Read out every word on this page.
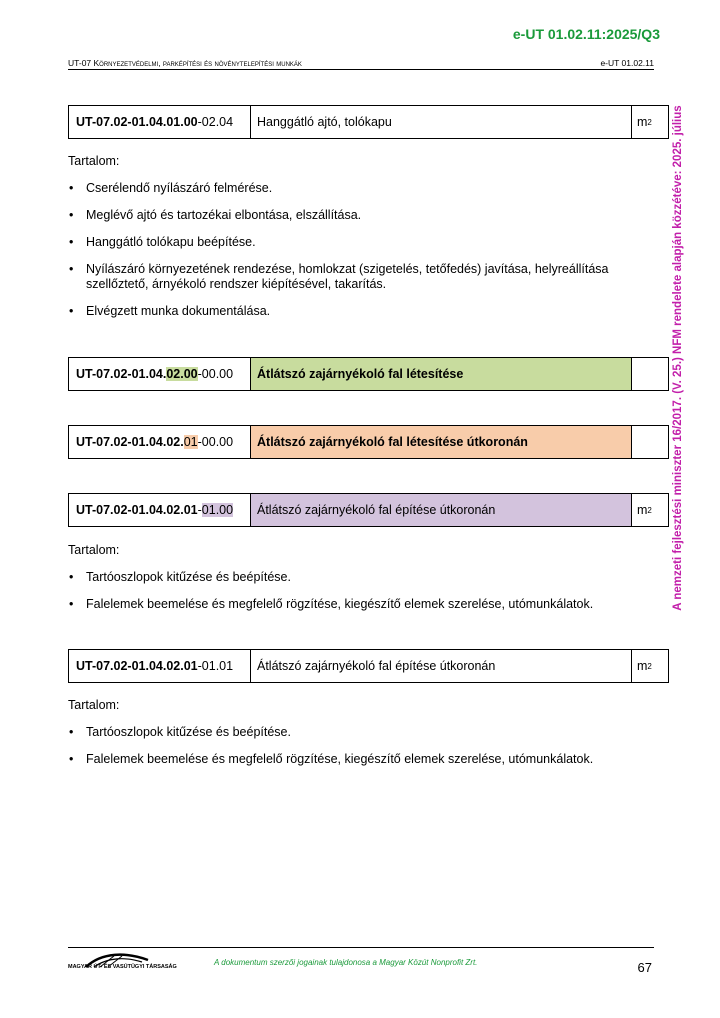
e-UT 01.02.11:2025/Q3
UT-07 Környezetvédelmi, parképítési és növénytelepítési munkák	e-UT 01.02.11
A nemzeti fejlesztési miniszter 16/2017. (V. 25.) NFM rendelete alapján közzétéve: 2025. július
UT-07.02-01.04.01.00 -02.04	Hanggátló ajtó, tolókapu	m 2
Tartalom:
• Cserélendő nyílászáró felmérése.
• Meglévő ajtó és tartozékai elbontása, elszállítása.
• Hanggátló tolókapu beépítése.
• Nyílászáró környezetének rendezése, homlokzat (szigetelés, tetőfedés) javítása, helyreállítása szellőztető, árnyékoló rendszer kiépítésével, takarítás.
• Elvégzett munka dokumentálása.
UT-07.02-01.04. 02.00 -00.00	Átlátszó zajárnyékoló fal létesítése
UT-07.02-01.04.02. 01 -00.00	Átlátszó zajárnyékoló fal létesítése útkoronán
UT-07.02-01.04.02.01 - 01.00	Átlátszó zajárnyékoló fal építése útkoronán	m 2
Tartalom:
• Tartóoszlopok kitűzése és beépítése.
• Falelemek beemelése és megfelelő rögzítése, kiegészítő elemek szerelése, utómunkálatok.
UT-07.02-01.04.02.01 -01.01	Átlátszó zajárnyékoló fal építése útkoronán	m 2
Tartalom:
• Tartóoszlopok kitűzése és beépítése.
• Falelemek beemelése és megfelelő rögzítése, kiegészítő elemek szerelése, utómunkálatok.
MAGYAR ÚT- ÉS VASÚTÜGYI TÁRSASÁG	A dokumentum szerzői jogainak tulajdonosa a Magyar Közút Nonprofit Zrt.	67
